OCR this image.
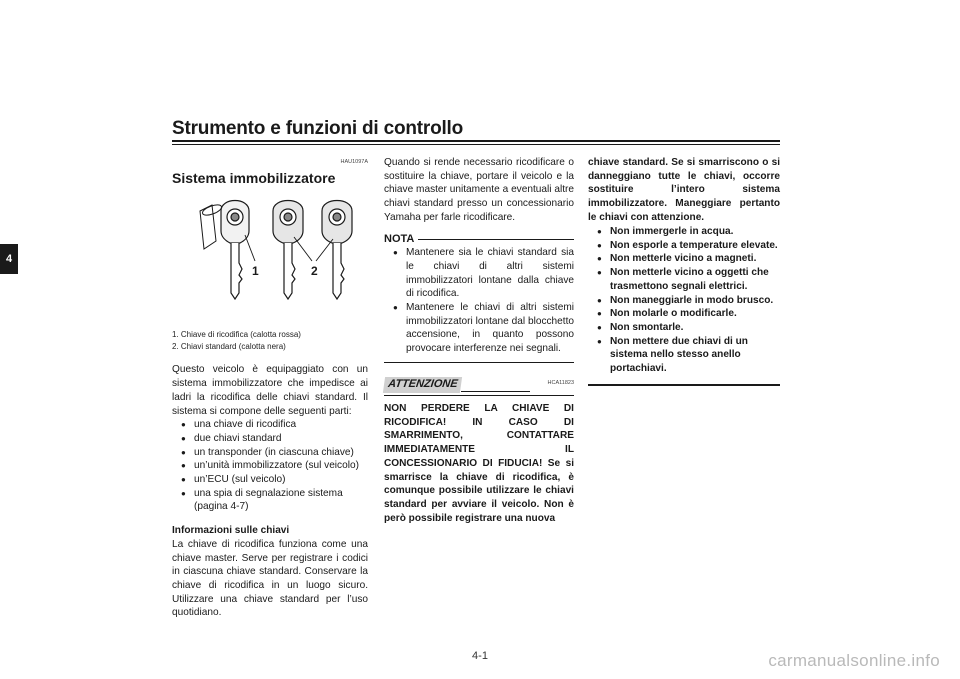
Strumento e funzioni di controllo
4
HAU1097A
Sistema immobilizzatore
1	2
1. Chiave di ricodifica (calotta rossa)
2. Chiavi standard (calotta nera)

Questo veicolo è equipaggiato con un sistema immobilizzatore che impedisce ai ladri la ricodifica delle chiavi standard. Il sistema si compone delle seguenti parti:

● una chiave di ricodifica
● due chiavi standard
● un transponder (in ciascuna chiave)
● un’unità immobilizzatore (sul veicolo)
● un’ECU (sul veicolo)
● una spia di segnalazione sistema (pagina 4-7)
Informazioni sulle chiavi

La chiave di ricodifica funziona come una chiave master. Serve per registrare i codici in ciascuna chiave standard. Conservare la chiave di ricodifica in un luogo sicuro. Utilizzare una chiave standard per l’uso quotidiano.

Quando si rende necessario ricodificare o sostituire la chiave, portare il veicolo e la chiave master unitamente a eventuali altre chiavi standard presso un concessionario Yamaha per farle ricodificare.

NOTA
● Mantenere sia le chiavi standard sia le chiavi di altri sistemi immobilizzatori lontane dalla chiave di ricodifica.
● Mantenere le chiavi di altri sistemi immobilizzatori lontane dal blocchetto accensione, in quanto possono provocare interferenze nei segnali.
ATTENZIONE	HCA11823
● Non immergerle in acqua.
● Non esporle a temperature elevate.
● Non metterle vicino a magneti.
● Non metterle vicino a oggetti che trasmettono segnali elettrici.
● Non maneggiarle in modo brusco.
● Non molarle o modificarle.
● Non smontarle.
● Non mettere due chiavi di un sistema nello stesso anello portachiavi.
NON PERDERE LA CHIAVE DI RICODIFICA! IN CASO DI SMARRIMENTO, CONTATTARE IMMEDIATAMENTE IL CONCESSIONARIO DI FIDUCIA! Se si smarrisce la chiave di ricodifica, è comunque possibile utilizzare le chiavi standard per avviare il veicolo. Non è però possibile registrare una nuova
chiave standard. Se si smarriscono o si danneggiano tutte le chiavi, occorre sostituire l’intero sistema immobilizzatore. Maneggiare pertanto le chiavi con attenzione.
4-1	carmanualsonline.info
